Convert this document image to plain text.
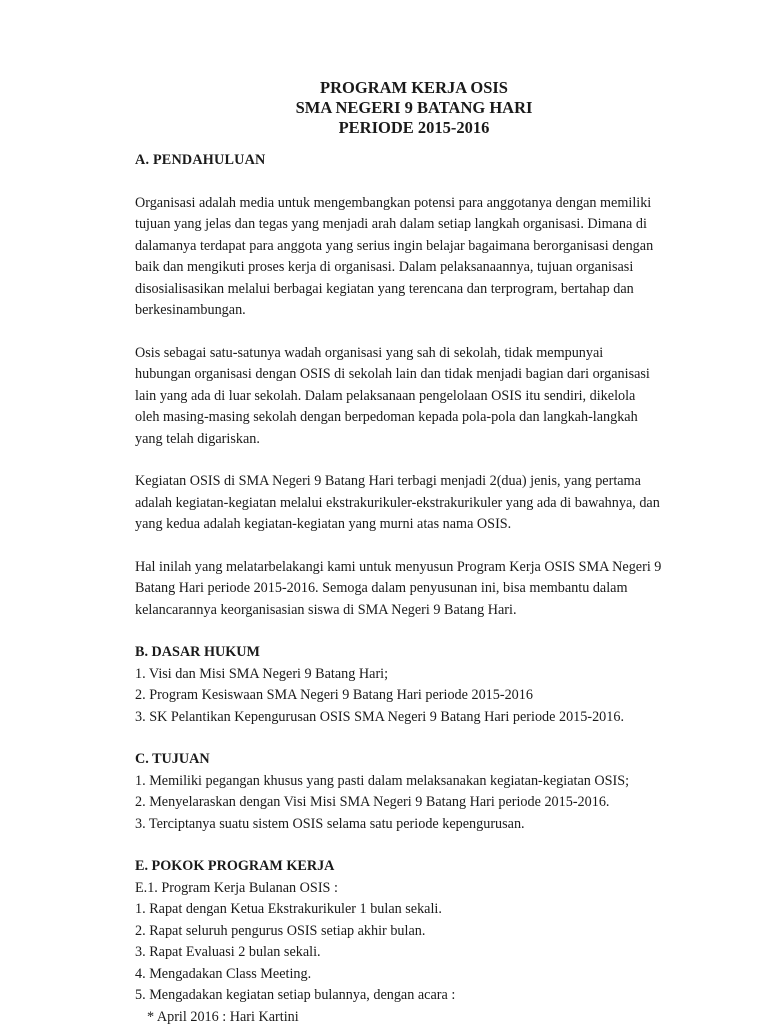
PROGRAM KERJA OSIS
SMA NEGERI 9 BATANG HARI
PERIODE 2015-2016
A. PENDAHULUAN
Organisasi adalah media untuk mengembangkan potensi para anggotanya dengan memiliki
tujuan yang jelas dan tegas yang menjadi arah dalam setiap langkah organisasi. Dimana di
dalamanya terdapat para anggota yang serius ingin belajar bagaimana berorganisasi dengan
baik dan mengikuti proses kerja di organisasi. Dalam pelaksanaannya, tujuan organisasi
disosialisasikan melalui berbagai kegiatan yang terencana dan terprogram, bertahap dan
berkesinambungan.
Osis sebagai satu-satunya wadah organisasi yang sah di sekolah, tidak mempunyai
hubungan organisasi dengan OSIS di sekolah lain dan tidak menjadi bagian dari organisasi
lain yang ada di luar sekolah. Dalam pelaksanaan pengelolaan OSIS itu sendiri, dikelola
oleh masing-masing sekolah dengan berpedoman kepada pola-pola dan langkah-langkah
yang telah digariskan.
Kegiatan OSIS di SMA Negeri 9 Batang Hari terbagi menjadi 2(dua) jenis, yang pertama
adalah kegiatan-kegiatan melalui ekstrakurikuler-ekstrakurikuler yang ada di bawahnya, dan
yang kedua adalah kegiatan-kegiatan yang murni atas nama OSIS.
Hal inilah yang melatarbelakangi kami untuk menyusun Program Kerja OSIS SMA Negeri 9
Batang Hari periode 2015-2016. Semoga dalam penyusunan ini, bisa membantu dalam
kelancarannya keorganisasian siswa di SMA Negeri 9 Batang Hari.
B. DASAR HUKUM
1. Visi dan Misi SMA Negeri 9 Batang Hari;
2. Program Kesiswaan SMA Negeri 9 Batang Hari periode 2015-2016
3. SK Pelantikan Kepengurusan OSIS SMA Negeri 9 Batang Hari periode 2015-2016.
C. TUJUAN
1. Memiliki pegangan khusus yang pasti dalam melaksanakan kegiatan-kegiatan OSIS;
2. Menyelaraskan dengan Visi Misi SMA Negeri 9 Batang Hari periode 2015-2016.
3. Terciptanya suatu sistem OSIS selama satu periode kepengurusan.
E. POKOK PROGRAM KERJA
E.1. Program Kerja Bulanan OSIS :
1. Rapat dengan Ketua Ekstrakurikuler 1 bulan sekali.
2. Rapat seluruh pengurus OSIS setiap akhir bulan.
3. Rapat Evaluasi 2 bulan sekali.
4. Mengadakan Class Meeting.
5. Mengadakan kegiatan setiap bulannya, dengan acara :
* April 2016 : Hari Kartini
